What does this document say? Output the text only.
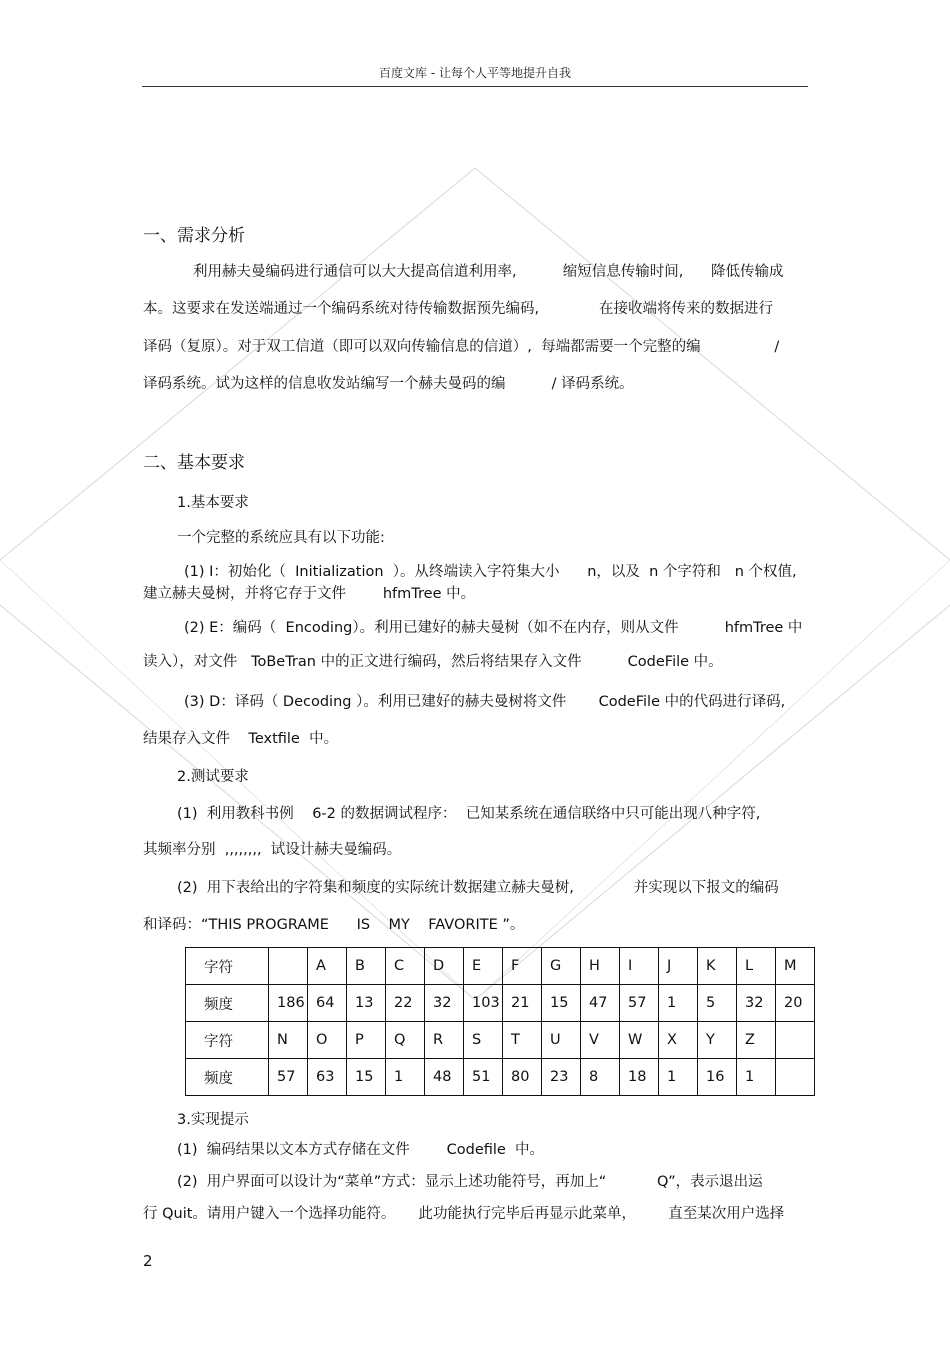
百度文库 - 让每个人平等地提升自我
一、需求分析
利用赫夫曼编码进行通信可以大大提高信道利用率,          缩短信息传输时间,      降低传输成
本。这要求在发送端通过一个编码系统对待传输数据预先编码,             在接收端将传来的数据进行
译码（复原）。对于双工信道（即可以双向传输信息的信道）,  每端都需要一个完整的编                /
译码系统。试为这样的信息收发站编写一个赫夫曼码的编          / 译码系统。
二、基本要求
1.基本要求
一个完整的系统应具有以下功能:
(1) I：初始化（  Initialization  ）。从终端读入字符集大小      n，以及  n 个字符和   n 个权值,
建立赫夫曼树，并将它存于文件        hfmTree 中。
(2) E：编码（  Encoding）。利用已建好的赫夫曼树（如不在内存，则从文件          hfmTree 中
读入），对文件   ToBeTran 中的正文进行编码，然后将结果存入文件          CodeFile 中。
(3) D：译码（ Decoding ）。利用已建好的赫夫曼树将文件       CodeFile 中的代码进行译码,
结果存入文件    Textfile  中。
2.测试要求
(1)  利用教科书例    6-2 的数据调试程序：  已知某系统在通信联络中只可能出现八种字符,
其频率分别  ,,,,,,,,  试设计赫夫曼编码。
(2)  用下表给出的字符集和频度的实际统计数据建立赫夫曼树,             并实现以下报文的编码
和译码：“THIS PROGRAME      IS    MY    FAVORITE ”。
字符		A	B	C	D	E	F	G	H	I	J	K	L	M
频度	186	64	13	22	32	103	21	15	47	57	1	5	32	20
字符	N	O	P	Q	R	S	T	U	V	W	X	Y	Z	
频度	57	63	15	1	48	51	80	23	8	18	1	16	1	
3.实现提示
(1)  编码结果以文本方式存储在文件        Codefile  中。
(2)  用户界面可以设计为“菜单”方式：显示上述功能符号，再加上“           Q”，表示退出运
行 Quit。请用户键入一个选择功能符。     此功能执行完毕后再显示此菜单，       直至某次用户选择
2
